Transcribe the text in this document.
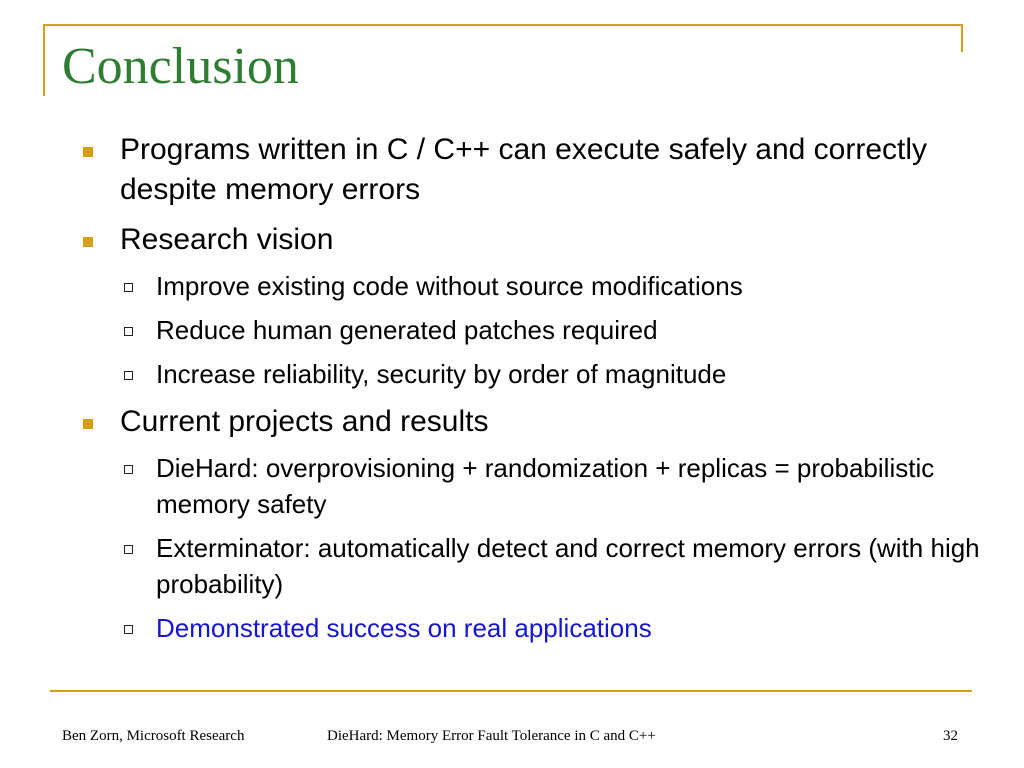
Conclusion

Programs written in C / C++ can execute safely and correctly despite memory errors

Research vision

Improve existing code without source modifications

Reduce human generated patches required

Increase reliability, security by order of magnitude

Current projects and results

DieHard: overprovisioning + randomization + replicas = probabilistic memory safety

Exterminator: automatically detect and correct memory errors (with high probability)

Demonstrated success on real applications

Ben Zorn, Microsoft Research	DieHard: Memory Error Fault Tolerance in C and C++	32
